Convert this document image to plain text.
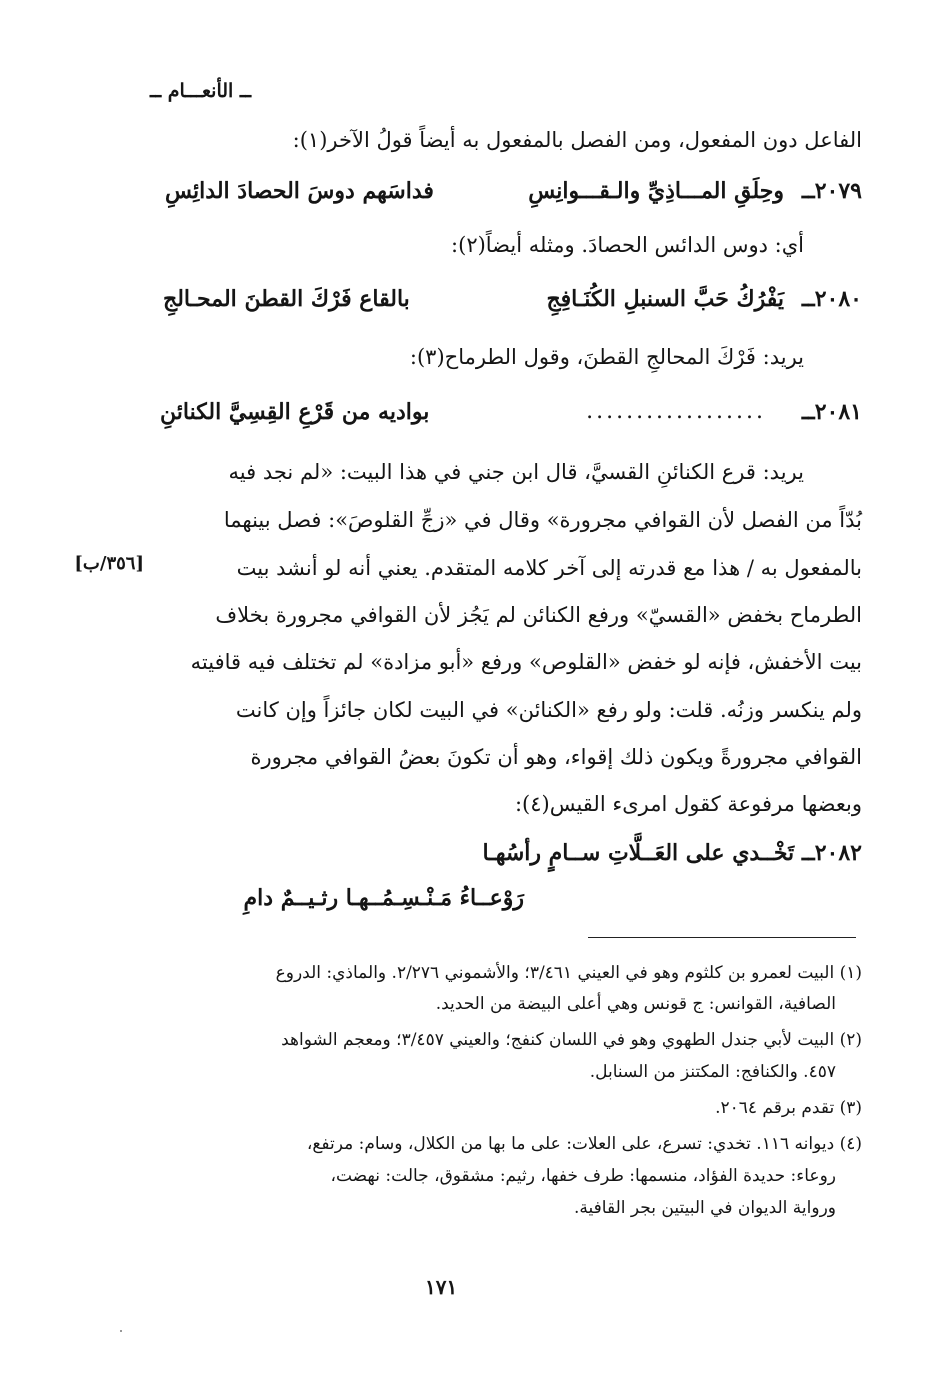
ــ الأنعـــام ــ
الفاعل دون المفعول، ومن الفصل بالمفعول به أيضاً قولُ الآخر(١):
٢٠٧٩ــ
وحِلَقِ المـــاذِيِّ والـقـــوانِسِ
فداسَهم دوسَ الحصادَ الدائِسِ
أي: دوس الدائس الحصادَ. ومثله أيضاً(٢):
٢٠٨٠ــ
يَفْرُكُ حَبَّ السنبلِ الكُنَـافِجِ
بالقاع فَرْكَ القطنَ المحـالجِ
يريد: فَرْكَ المحالجِ القطنَ، وقول الطرماح(٣):
٢٠٨١ــ
..................
بواديه من قَرْعِ القِسِيَّ الكنائنِ
يريد: قرع الكنائنِ القسيَّ، قال ابن جني في هذا البيت: «لم نجد فيه
بُدّاً من الفصل لأن القوافي مجرورة» وقال في «زجِّ القلوصَ»: فصل بينهما
بالمفعول به / هذا مع قدرته إلى آخر كلامه المتقدم. يعني أنه لو أنشد بيت
[٣٥٦/ب]
الطرماح بخفض «القسيّ» ورفع الكنائن لم يَجُز لأن القوافي مجرورة بخلاف
بيت الأخفش، فإنه لو خفض «القلوص» ورفع «أبو مزادة» لم تختلف فيه قافيته
ولم ينكسر وزنُه. قلت: ولو رفع «الكنائن» في البيت لكان جائزاً وإن كانت
القوافي مجرورةً ويكون ذلك إقواء، وهو أن تكونَ بعضُ القوافي مجرورة
وبعضها مرفوعة كقول امرىء القيس(٤):
٢٠٨٢ــ تَخْــدي على العَــلَّاتِ ســامٍ رأسُهـا
رَوْعــاءُ مَـنْـسِـمُــهـا رثـيــمٌ دامِ
(١) البيت لعمرو بن كلثوم وهو في العيني ٣/٤٦١؛ والأشموني ٢/٢٧٦. والماذي: الدروع
الصافية، القوانس: ج قونس وهي أعلى البيضة من الحديد.
(٢) البيت لأبي جندل الطهوي وهو في اللسان كنفج؛ والعيني ٣/٤٥٧؛ ومعجم الشواهد
٤٥٧. والكنافج: المكتنز من السنابل.
(٣) تقدم برقم ٢٠٦٤.
(٤) ديوانه ١١٦. تخدي: تسرع، على العلات: على ما بها من الكلال، وسام: مرتفع،
روعاء: حديدة الفؤاد، منسمها: طرف خفها، رثيم: مشقوق، جالت: نهضت،
ورواية الديوان في البيتين بجر القافية.
١٧١
